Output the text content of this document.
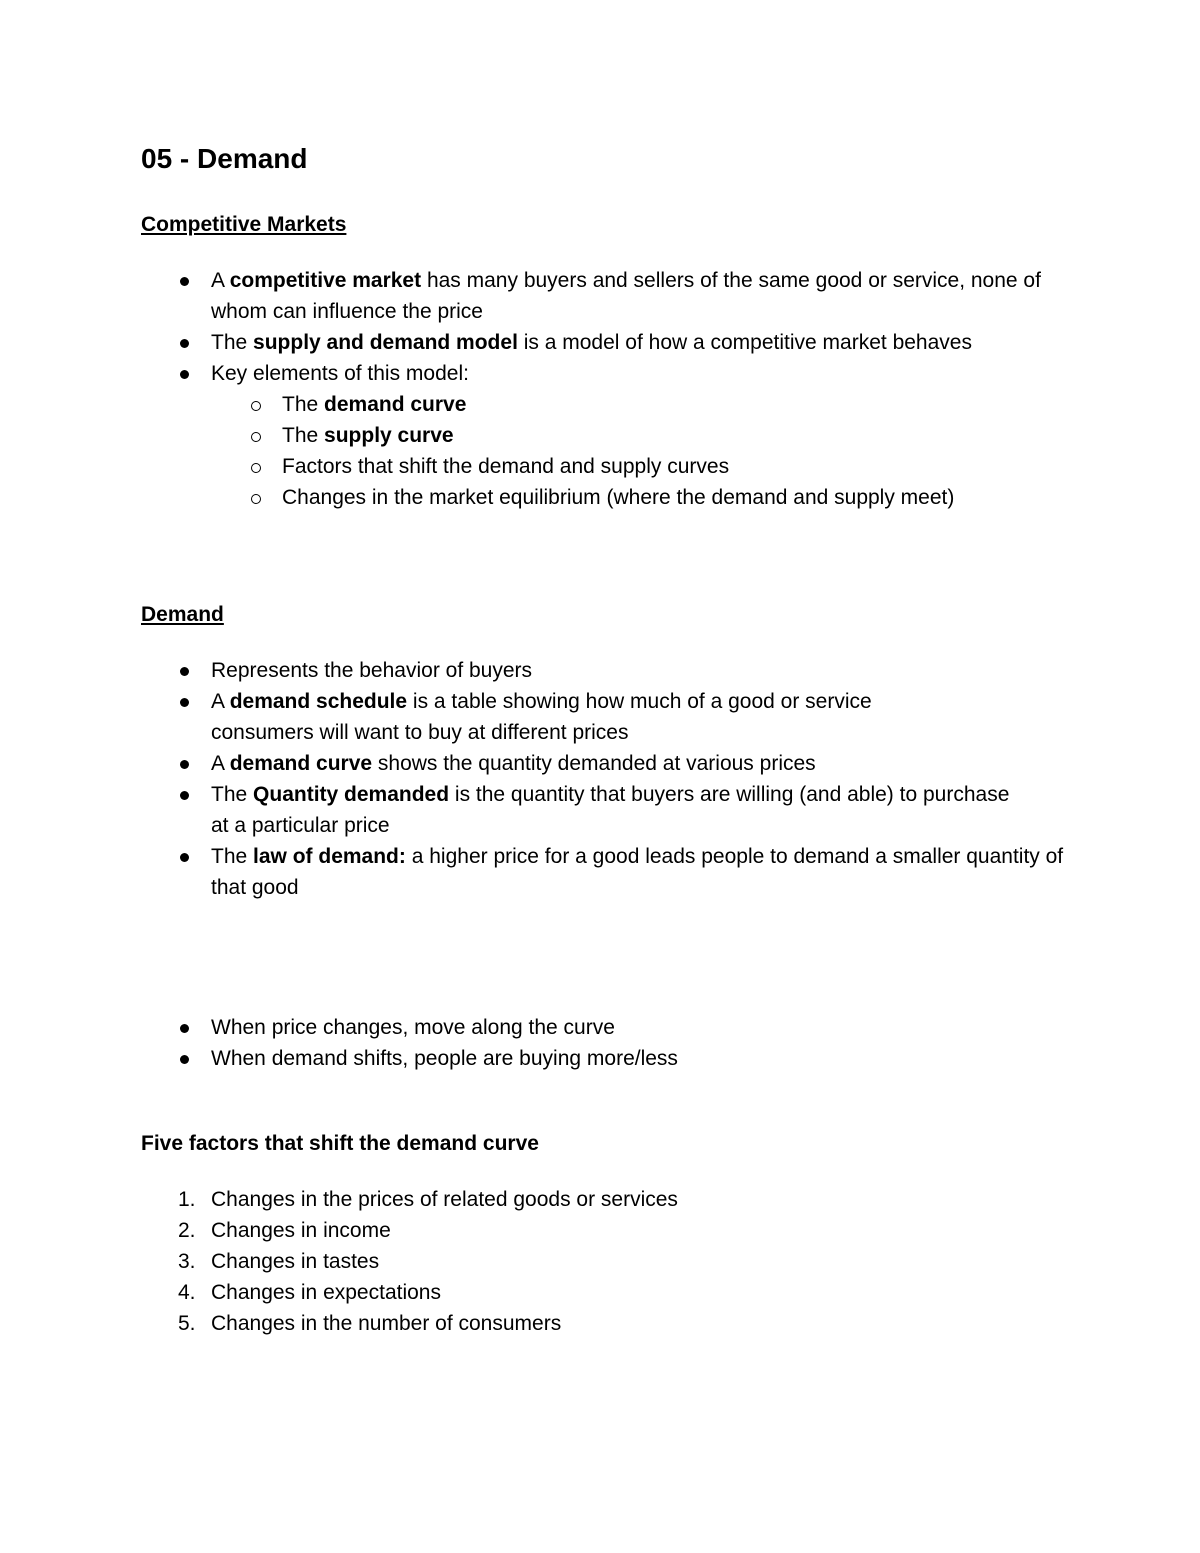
05 - Demand
Competitive Markets
A competitive market has many buyers and sellers of the same good or service, none of whom can influence the price
The supply and demand model is a model of how a competitive market behaves
Key elements of this model:
The demand curve
The supply curve
Factors that shift the demand and supply curves
Changes in the market equilibrium (where the demand and supply meet)
Demand
Represents the behavior of buyers
A demand schedule is a table showing how much of a good or service consumers will want to buy at different prices
A demand curve shows the quantity demanded at various prices
The Quantity demanded is the quantity that buyers are willing (and able) to purchase at a particular price
The law of demand: a higher price for a good leads people to demand a smaller quantity of that good
When price changes, move along the curve
When demand shifts, people are buying more/less
Five factors that shift the demand curve
1. Changes in the prices of related goods or services
2. Changes in income
3. Changes in tastes
4. Changes in expectations
5. Changes in the number of consumers
